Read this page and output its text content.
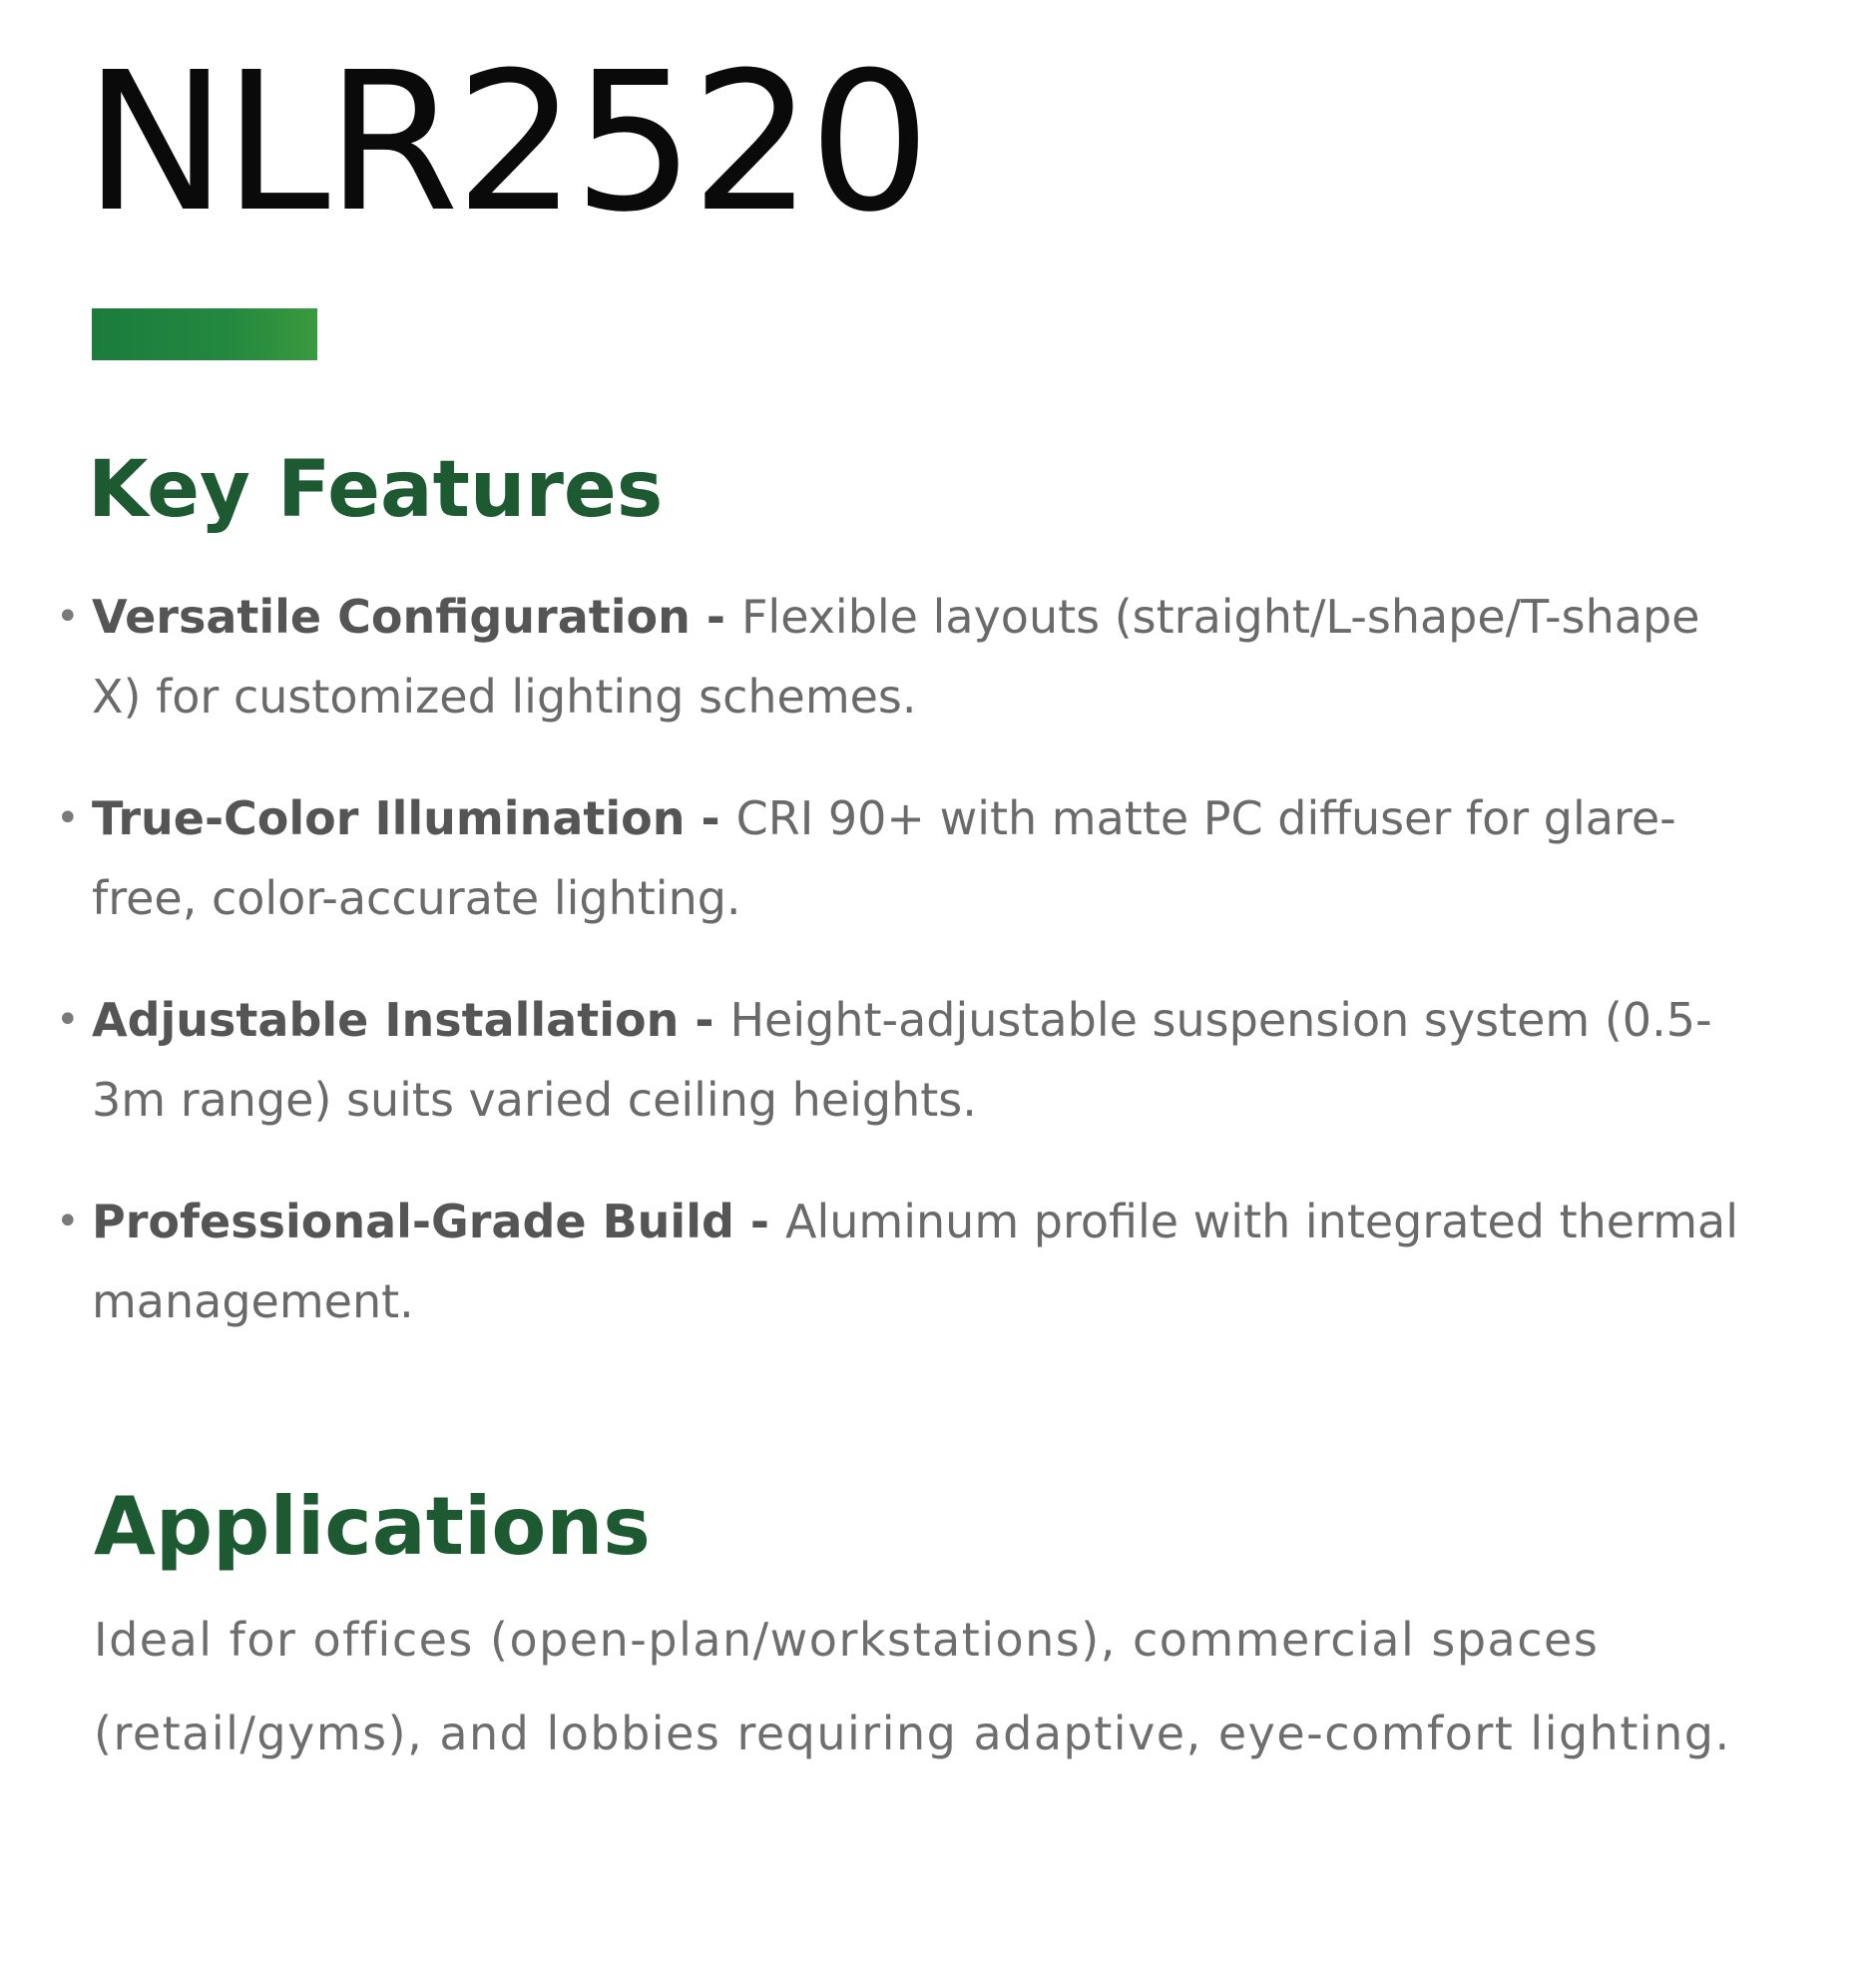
NLR2520
Key Features
• Versatile Configuration - Flexible layouts (straight/L-shape/T-shape X) for customized lighting schemes.
• True-Color Illumination - CRI 90+ with matte PC diffuser for glare-free, color-accurate lighting.
• Adjustable Installation - Height-adjustable suspension system (0.5-3m range) suits varied ceiling heights.
• Professional-Grade Build - Aluminum profile with integrated thermal management.
Applications

Ideal for offices (open-plan/workstations), commercial spaces (retail/gyms), and lobbies requiring adaptive, eye-comfort lighting.
